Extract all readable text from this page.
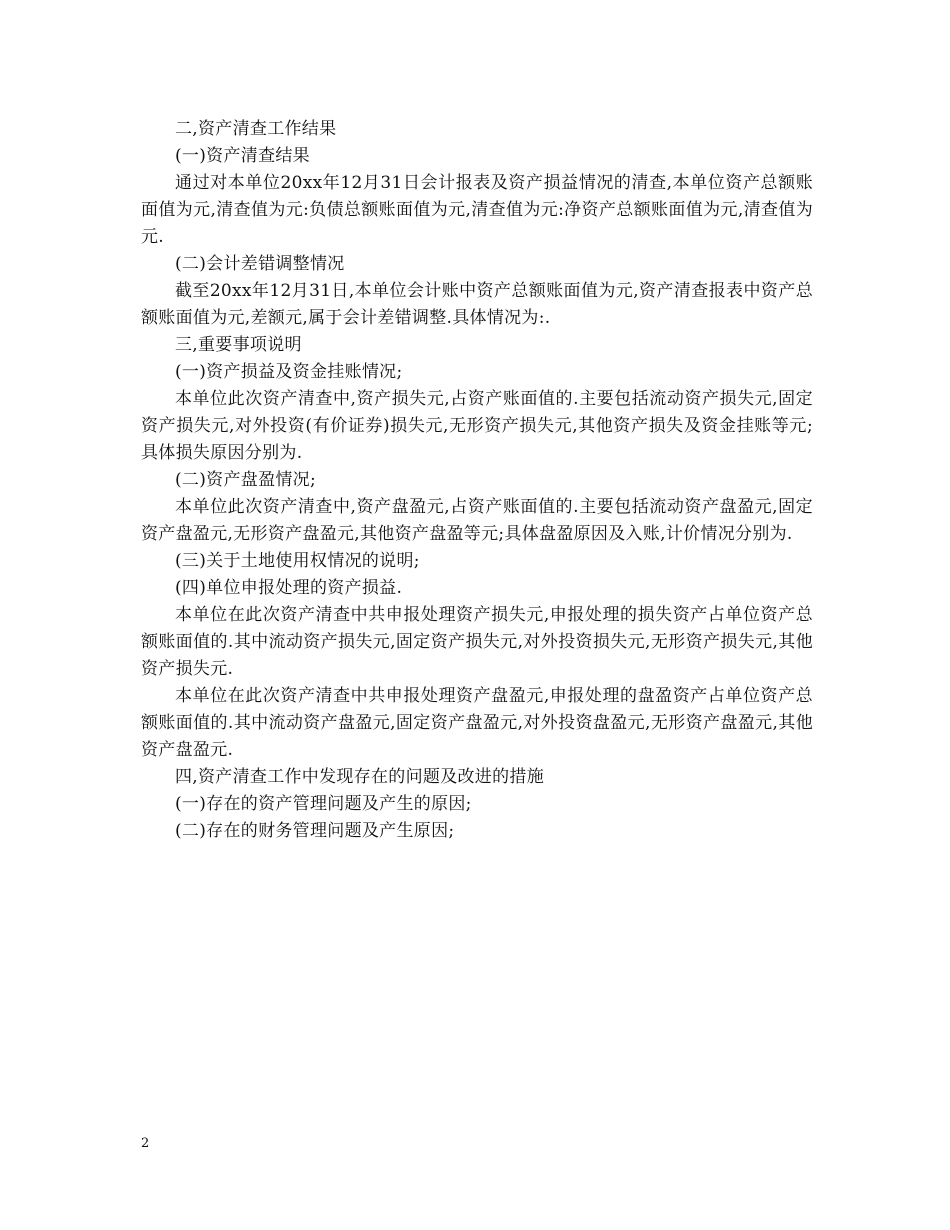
二,资产清查工作结果

(一)资产清查结果

通过对本单位20xx年12月31日会计报表及资产损益情况的清查,本单位资产总额账面值为元,清查值为元:负债总额账面值为元,清查值为元:净资产总额账面值为元,清查值为元.

(二)会计差错调整情况

截至20xx年12月31日,本单位会计账中资产总额账面值为元,资产清查报表中资产总额账面值为元,差额元,属于会计差错调整.具体情况为:.

三,重要事项说明

(一)资产损益及资金挂账情况;

本单位此次资产清查中,资产损失元,占资产账面值的.主要包括流动资产损失元,固定资产损失元,对外投资(有价证券)损失元,无形资产损失元,其他资产损失及资金挂账等元;具体损失原因分别为.

(二)资产盘盈情况;

本单位此次资产清查中,资产盘盈元,占资产账面值的.主要包括流动资产盘盈元,固定资产盘盈元,无形资产盘盈元,其他资产盘盈等元;具体盘盈原因及入账,计价情况分别为.

(三)关于土地使用权情况的说明;

(四)单位申报处理的资产损益.

本单位在此次资产清查中共申报处理资产损失元,申报处理的损失资产占单位资产总额账面值的.其中流动资产损失元,固定资产损失元,对外投资损失元,无形资产损失元,其他资产损失元.

本单位在此次资产清查中共申报处理资产盘盈元,申报处理的盘盈资产占单位资产总额账面值的.其中流动资产盘盈元,固定资产盘盈元,对外投资盘盈元,无形资产盘盈元,其他资产盘盈元.

四,资产清查工作中发现存在的问题及改进的措施

(一)存在的资产管理问题及产生的原因;

(二)存在的财务管理问题及产生原因;

2
